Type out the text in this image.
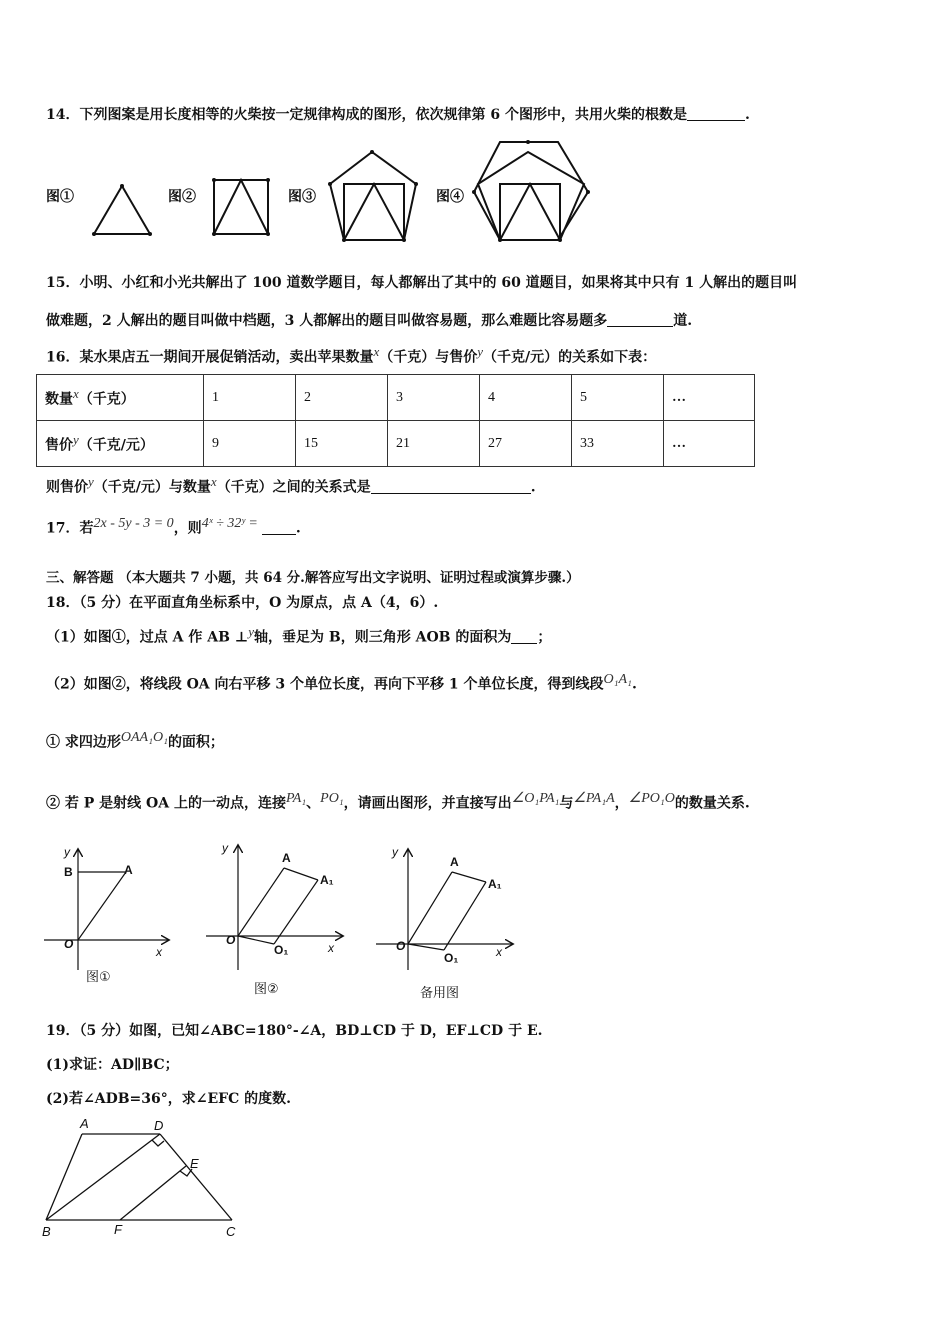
14．下列图案是用长度相等的火柴按一定规律构成的图形，依次规律第 6 个图形中，共用火柴的根数是	.
图①	图②	图③	图④
15．小明、小红和小光共解出了 100 道数学题目，每人都解出了其中的 60 道题目，如果将其中只有 1 人解出的题目叫
做难题，2 人解出的题目叫做中档题，3 人都解出的题目叫做容易题，那么难题比容易题多	道.
16．某水果店五一期间开展促销活动，卖出苹果数量$^x$（千克）与售价$^y$（千克/元）的关系如下表：
数量$^x$（千克）	1	2	3	4	5	…
售价$^y$（千克/元）	9	15	21	27	33	…
则售价$^y$（千克/元）与数量$^x$（千克）之间的关系式是	.
17．若$^{2x - 5y - 3 = 0}$，则$^{4ˣ \div 32ʸ =}$	.
三、解答题 （本大题共 7 小题，共 64 分.解答应写出文字说明、证明过程或演算步骤.）
18．（5 分）在平面直角坐标系中，O 为原点，点 A（4，6）.
（1）如图①，过点 A 作 AB ⊥$^y$轴，垂足为 B，则三角形 AOB 的面积为 ；
（2）如图②，将线段 OA 向右平移 3 个单位长度，再向下平移 1 个单位长度，得到线段$^{O_1A_1}$.
① 求四边形$^{OAA_1O_1}$的面积；
② 若 P 是射线 OA 上的一动点，连接$^{PA_1}$、$^{PO_1}$，请画出图形，并直接写出$^{\angle O_1PA_1}$与$^{\angle PA_1A}$，$^{\angle PO_1O}$的数量关系.
y
B	A
O
x
y
A
A₁
O
O₁	x
y
A
A₁
O
O₁	x
图①
图②	备用图
19．（5 分）如图，已知∠ABC=180°-∠A，BD⊥CD 于 D，EF⊥CD 于 E.
(1)求证：AD∥BC；
(2)若∠ADB=36°，求∠EFC 的度数.
A	D
E
B	F	C
